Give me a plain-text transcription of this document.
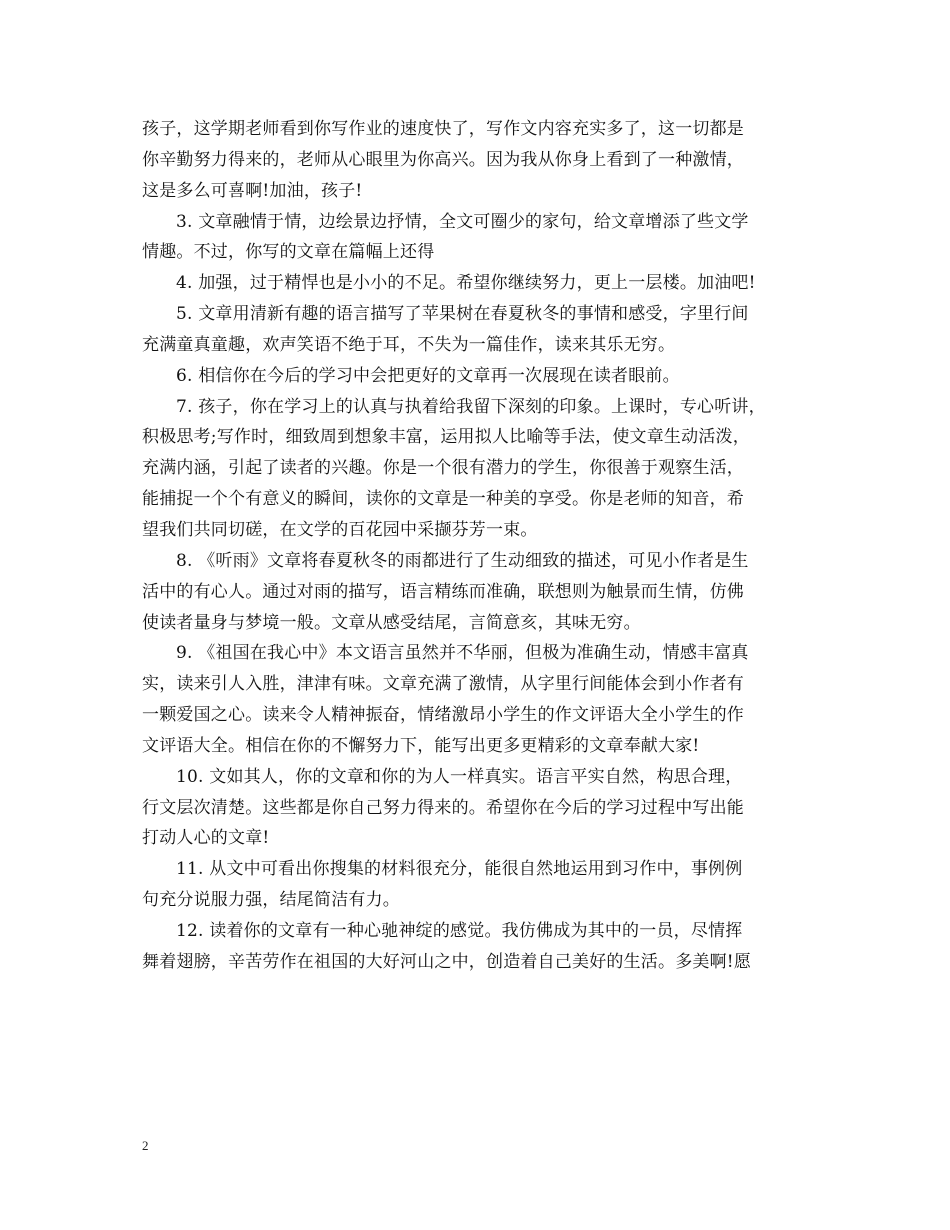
孩子，这学期老师看到你写作业的速度快了，写作文内容充实多了，这一切都是
你辛勤努力得来的，老师从心眼里为你高兴。因为我从你身上看到了一种激情，
这是多么可喜啊!加油，孩子!
3. 文章融情于情，边绘景边抒情，全文可圈少的家句，给文章增添了些文学
情趣。不过，你写的文章在篇幅上还得
4. 加强，过于精悍也是小小的不足。希望你继续努力，更上一层楼。加油吧!
5. 文章用清新有趣的语言描写了苹果树在春夏秋冬的事情和感受，字里行间
充满童真童趣，欢声笑语不绝于耳，不失为一篇佳作，读来其乐无穷。
6. 相信你在今后的学习中会把更好的文章再一次展现在读者眼前。
7. 孩子，你在学习上的认真与执着给我留下深刻的印象。上课时，专心听讲，
积极思考;写作时，细致周到想象丰富，运用拟人比喻等手法，使文章生动活泼，
充满内涵，引起了读者的兴趣。你是一个很有潜力的学生，你很善于观察生活，
能捕捉一个个有意义的瞬间，读你的文章是一种美的享受。你是老师的知音，希
望我们共同切磋，在文学的百花园中采撷芬芳一束。
8. 《听雨》文章将春夏秋冬的雨都进行了生动细致的描述，可见小作者是生
活中的有心人。通过对雨的描写，语言精练而准确，联想则为触景而生情，仿佛
使读者量身与梦境一般。文章从感受结尾，言简意亥，其味无穷。
9. 《祖国在我心中》本文语言虽然并不华丽，但极为准确生动，情感丰富真
实，读来引人入胜，津津有味。文章充满了激情，从字里行间能体会到小作者有
一颗爱国之心。读来令人精神振奋，情绪激昂小学生的作文评语大全小学生的作
文评语大全。相信在你的不懈努力下，能写出更多更精彩的文章奉献大家!
10. 文如其人，你的文章和你的为人一样真实。语言平实自然，构思合理，
行文层次清楚。这些都是你自己努力得来的。希望你在今后的学习过程中写出能
打动人心的文章!
11. 从文中可看出你搜集的材料很充分，能很自然地运用到习作中，事例例
句充分说服力强，结尾简洁有力。
12. 读着你的文章有一种心驰神绽的感觉。我仿佛成为其中的一员，尽情挥
舞着翅膀，辛苦劳作在祖国的大好河山之中，创造着自己美好的生活。多美啊!愿
2
